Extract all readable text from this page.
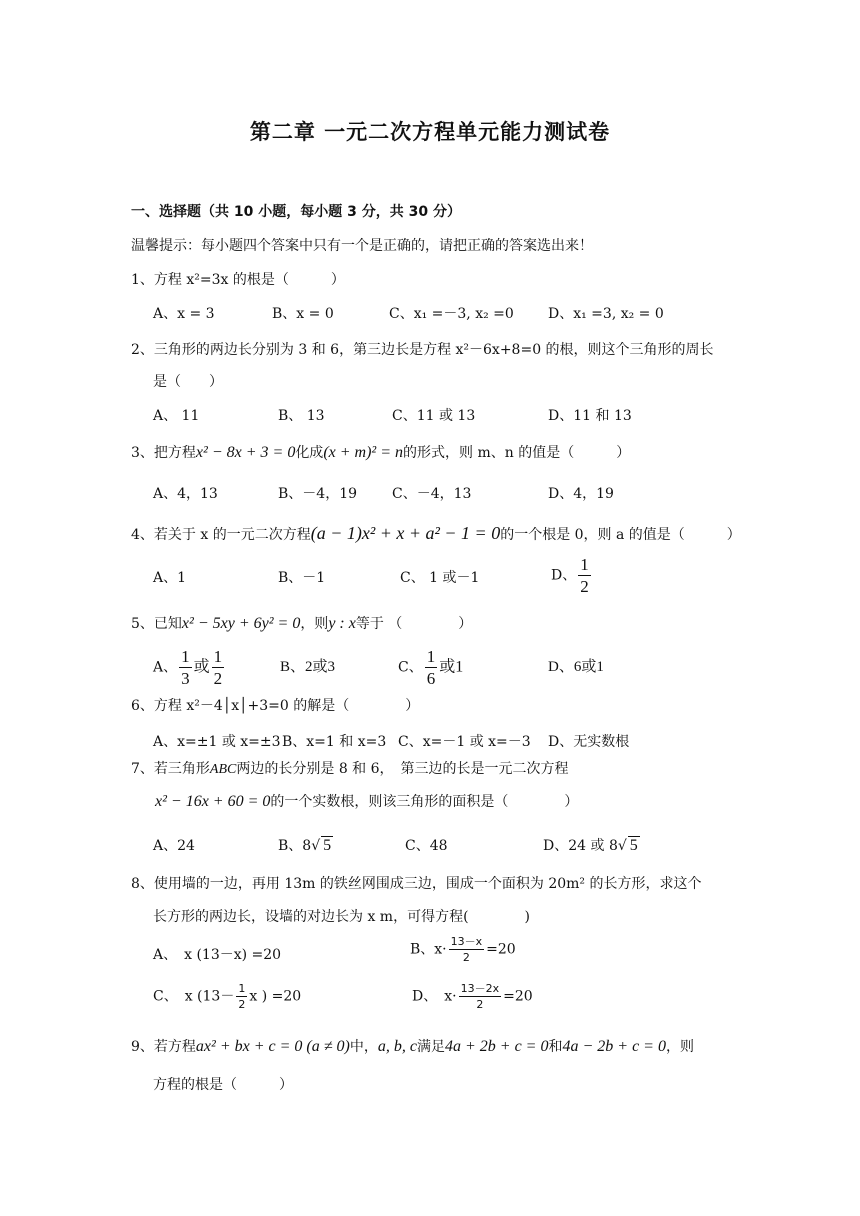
第二章 一元二次方程单元能力测试卷
一、选择题（共 10 小题，每小题 3 分，共 30 分）
温馨提示：每小题四个答案中只有一个是正确的，请把正确的答案选出来！
1、方程 x²=3x 的根是（　　　）
A、x = 3	B、x = 0	C、x₁ =－3, x₂ =0 D、x₁ =3, x₂ = 0
2、三角形的两边长分别为 3 和 6，第三边长是方程 x²－6x+8=0 的根，则这个三角形的周长
是（　　）
A、 11	B、 13	C、11 或 13	D、11 和 13
3、把方程x² − 8x + 3 = 0化成(x + m)² = n的形式，则 m、n 的值是（　　　）
A、4，13	B、－4，19 C、－4，13	D、4，19
4、若关于 x 的一元二次方程(a − 1)x² + x + a² − 1 = 0的一个根是 0，则 a 的值是（　　　）
A、1	B、－1	C、 1 或－1	D、 $\frac{1}{2}$
5、已知x² − 5xy + 6y² = 0，则y : x等于 （　　　　）
A、 $\frac{1}{3}$ 或 $\frac{1}{2}$	B、2或3	C、 $\frac{1}{6}$ 或1	D、6或1
6、方程 x²－4│x│+3=0 的解是（　　　　）
A、x=±1 或 x=±3 B、x=1 和 x=3 C、x=－1 或 x=－3 D、无实数根
7、若三角形ABC两边的长分别是 8 和 6，　第三边的长是一元二次方程
x² − 16x + 60 = 0的一个实数根，则该三角形的面积是（　　　　）
A、24	B、8√ 5	C、48	D、24 或 8√ 5
8、使用墙的一边，再用 13m 的铁丝网围成三边，围成一个面积为 20m² 的长方形，求这个
长方形的两边长，设墙的对边长为 x m，可得方程(　　　　)
A、　x (13－x) =20	B、$x\cdot \frac{13-x}{2} =20$
C、　x ($13- \frac{1}{2}$ x ) =20	D、　$x\cdot \frac{13-2x}{2} =20$
9、若方程ax² + bx + c = 0 (a ≠ 0)中，a, b, c满足4a + 2b + c = 0和4a − 2b + c = 0，则
方程的根是（　　　）
